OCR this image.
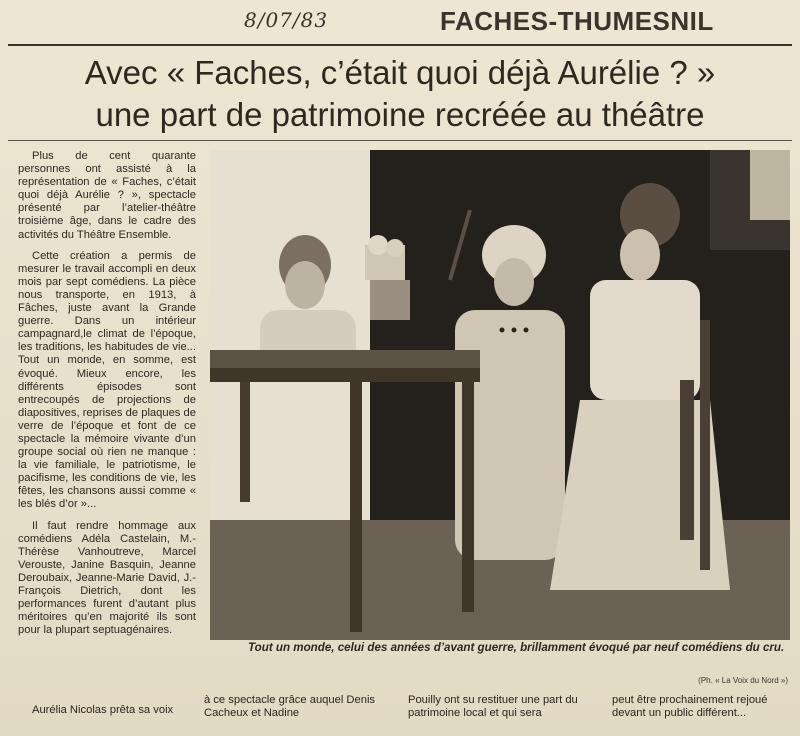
8/07/83	FACHES-THUMESNIL
Avec « Faches, c’était quoi déjà Aurélie ? »
une part de patrimoine recréée au théâtre

Plus de cent quarante personnes ont assisté à la représentation de « Faches, c’était quoi déjà Aurélie ? », spectacle présenté par l’atelier-théâtre troisième âge, dans le cadre des activités du Théâtre Ensemble.

Cette création a permis de mesurer le travail accompli en deux mois par sept comédiens. La pièce nous transporte, en 1913, à Fâches, juste avant la Grande guerre. Dans un intérieur campagnard,le climat de l’époque, les traditions, les habitudes de vie... Tout un monde, en somme, est évoqué. Mieux encore, les différents épisodes sont entrecoupés de projections de diapositives, reprises de plaques de verre de l’époque et font de ce spectacle la mémoire vivante d’un groupe social où rien ne manque : la vie familiale, le patriotisme, le pacifisme, les conditions de vie, les fêtes, les chansons aussi comme « les blés d’or »...

Il faut rendre hommage aux comédiens Adéla Castelain, M.-Thérèse Vanhoutreve, Marcel Verouste, Janine Basquin, Jeanne Deroubaix, Jeanne-Marie David, J.-François Dietrich, dont les performances furent d’autant plus méritoires qu’en majorité ils sont pour la plupart septuagénaires.

Tout un monde, celui des années d’avant guerre, brillamment évoqué par neuf comédiens du cru.
(Ph. « La Voix du Nord »)
Aurélia Nicolas prêta sa voix
à ce spectacle grâce auquel Denis Cacheux et Nadine
Pouilly ont su restituer une part du patrimoine local et qui sera
peut être prochainement rejoué devant un public différent...
